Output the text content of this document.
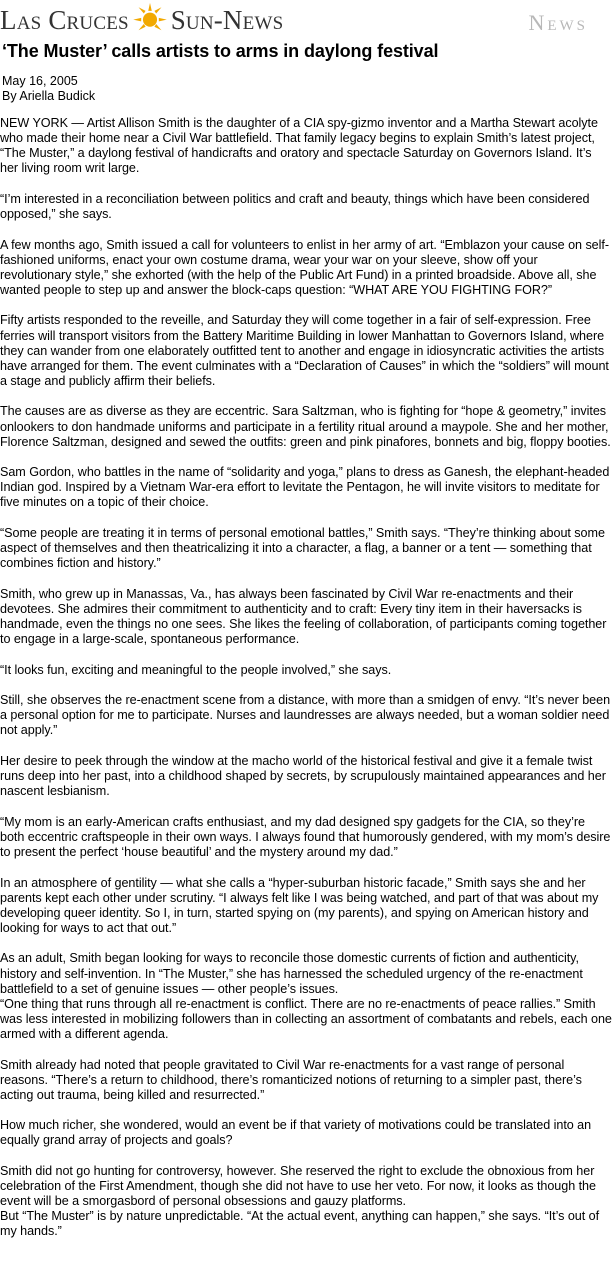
Las Cruces Sun-News	News
‘The Muster’ calls artists to arms in daylong festival
May 16, 2005
By Ariella Budick

NEW YORK — Artist Allison Smith is the daughter of a CIA spy-gizmo inventor and a Martha Stewart acolyte who made their home near a Civil War battlefield. That family legacy begins to explain Smith’s latest project, “The Muster,” a daylong festival of handicrafts and oratory and spectacle Saturday on Governors Island. It’s her living room writ large.

“I’m interested in a reconciliation between politics and craft and beauty, things which have been considered opposed,” she says.

A few months ago, Smith issued a call for volunteers to enlist in her army of art. “Emblazon your cause on self-fashioned uniforms, enact your own costume drama, wear your war on your sleeve, show off your revolutionary style,” she exhorted (with the help of the Public Art Fund) in a printed broadside. Above all, she wanted people to step up and answer the block-caps question: “WHAT ARE YOU FIGHTING FOR?”

Fifty artists responded to the reveille, and Saturday they will come together in a fair of self-expression. Free ferries will transport visitors from the Battery Maritime Building in lower Manhattan to Governors Island, where they can wander from one elaborately outfitted tent to another and engage in idiosyncratic activities the artists have arranged for them. The event culminates with a “Declaration of Causes” in which the “soldiers” will mount a stage and publicly affirm their beliefs.

The causes are as diverse as they are eccentric. Sara Saltzman, who is fighting for “hope & geometry,” invites onlookers to don handmade uniforms and participate in a fertility ritual around a maypole. She and her mother, Florence Saltzman, designed and sewed the outfits: green and pink pinafores, bonnets and big, floppy booties.

Sam Gordon, who battles in the name of “solidarity and yoga,” plans to dress as Ganesh, the elephant-headed Indian god. Inspired by a Vietnam War-era effort to levitate the Pentagon, he will invite visitors to meditate for five minutes on a topic of their choice.

“Some people are treating it in terms of personal emotional battles,” Smith says. “They’re thinking about some aspect of themselves and then theatricalizing it into a character, a flag, a banner or a tent — something that combines fiction and history.”

Smith, who grew up in Manassas, Va., has always been fascinated by Civil War re-enactments and their devotees. She admires their commitment to authenticity and to craft: Every tiny item in their haversacks is handmade, even the things no one sees. She likes the feeling of collaboration, of participants coming together to engage in a large-scale, spontaneous performance.

“It looks fun, exciting and meaningful to the people involved,” she says.

Still, she observes the re-enactment scene from a distance, with more than a smidgen of envy. “It’s never been a personal option for me to participate. Nurses and laundresses are always needed, but a woman soldier need not apply.”

Her desire to peek through the window at the macho world of the historical festival and give it a female twist runs deep into her past, into a childhood shaped by secrets, by scrupulously maintained appearances and her nascent lesbianism.

“My mom is an early-American crafts enthusiast, and my dad designed spy gadgets for the CIA, so they’re both eccentric craftspeople in their own ways. I always found that humorously gendered, with my mom’s desire to present the perfect ‘house beautiful’ and the mystery around my dad.”

In an atmosphere of gentility — what she calls a “hyper-suburban historic facade,” Smith says she and her parents kept each other under scrutiny. “I always felt like I was being watched, and part of that was about my developing queer identity. So I, in turn, started spying on (my parents), and spying on American history and looking for ways to act that out.”

As an adult, Smith began looking for ways to reconcile those domestic currents of fiction and authenticity, history and self-invention. In “The Muster,” she has harnessed the scheduled urgency of the re-enactment battlefield to a set of genuine issues — other people’s issues.

“One thing that runs through all re-enactment is conflict. There are no re-enactments of peace rallies.” Smith was less interested in mobilizing followers than in collecting an assortment of combatants and rebels, each one armed with a different agenda.

Smith already had noted that people gravitated to Civil War re-enactments for a vast range of personal reasons. “There’s a return to childhood, there’s romanticized notions of returning to a simpler past, there’s acting out trauma, being killed and resurrected.”

How much richer, she wondered, would an event be if that variety of motivations could be translated into an equally grand array of projects and goals?

Smith did not go hunting for controversy, however. She reserved the right to exclude the obnoxious from her celebration of the First Amendment, though she did not have to use her veto. For now, it looks as though the event will be a smorgasbord of personal obsessions and gauzy platforms.

But “The Muster” is by nature unpredictable. “At the actual event, anything can happen,” she says. “It’s out of my hands.”
